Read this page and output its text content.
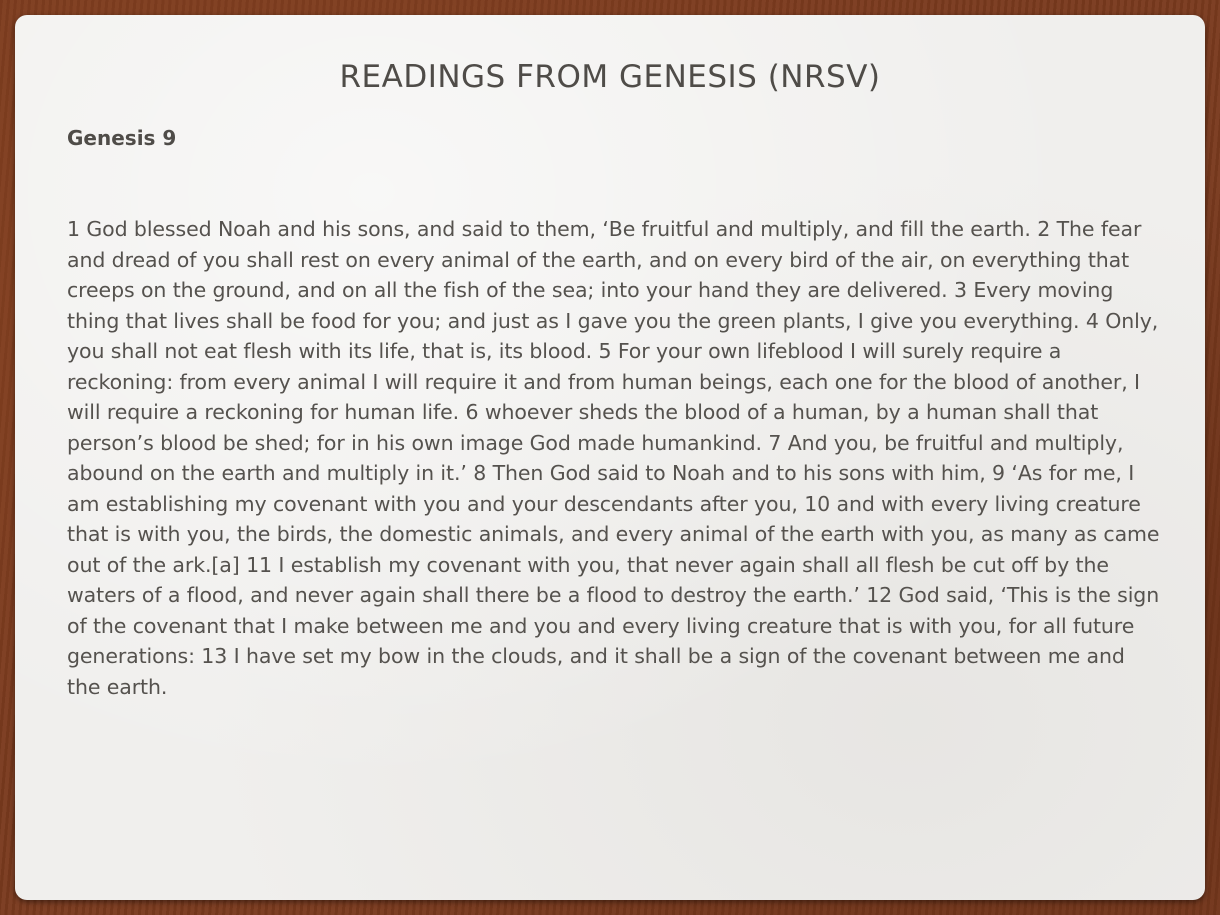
READINGS FROM GENESIS (NRSV)
Genesis 9

1 God blessed Noah and his sons, and said to them, ‘Be fruitful and multiply, and fill the earth. 2 The fear and dread of you shall rest on every animal of the earth, and on every bird of the air, on everything that creeps on the ground, and on all the fish of the sea; into your hand they are delivered. 3 Every moving thing that lives shall be food for you; and just as I gave you the green plants, I give you everything. 4 Only, you shall not eat flesh with its life, that is, its blood. 5 For your own lifeblood I will surely require a reckoning: from every animal I will require it and from human beings, each one for the blood of another, I will require a reckoning for human life. 6 whoever sheds the blood of a human, by a human shall that person’s blood be shed; for in his own image God made humankind. 7 And you, be fruitful and multiply, abound on the earth and multiply in it.’ 8 Then God said to Noah and to his sons with him, 9 ‘As for me, I am establishing my covenant with you and your descendants after you, 10 and with every living creature that is with you, the birds, the domestic animals, and every animal of the earth with you, as many as came out of the ark.[a] 11 I establish my covenant with you, that never again shall all flesh be cut off by the waters of a flood, and never again shall there be a flood to destroy the earth.’ 12 God said, ‘This is the sign of the covenant that I make between me and you and every living creature that is with you, for all future generations: 13 I have set my bow in the clouds, and it shall be a sign of the covenant between me and the earth.
